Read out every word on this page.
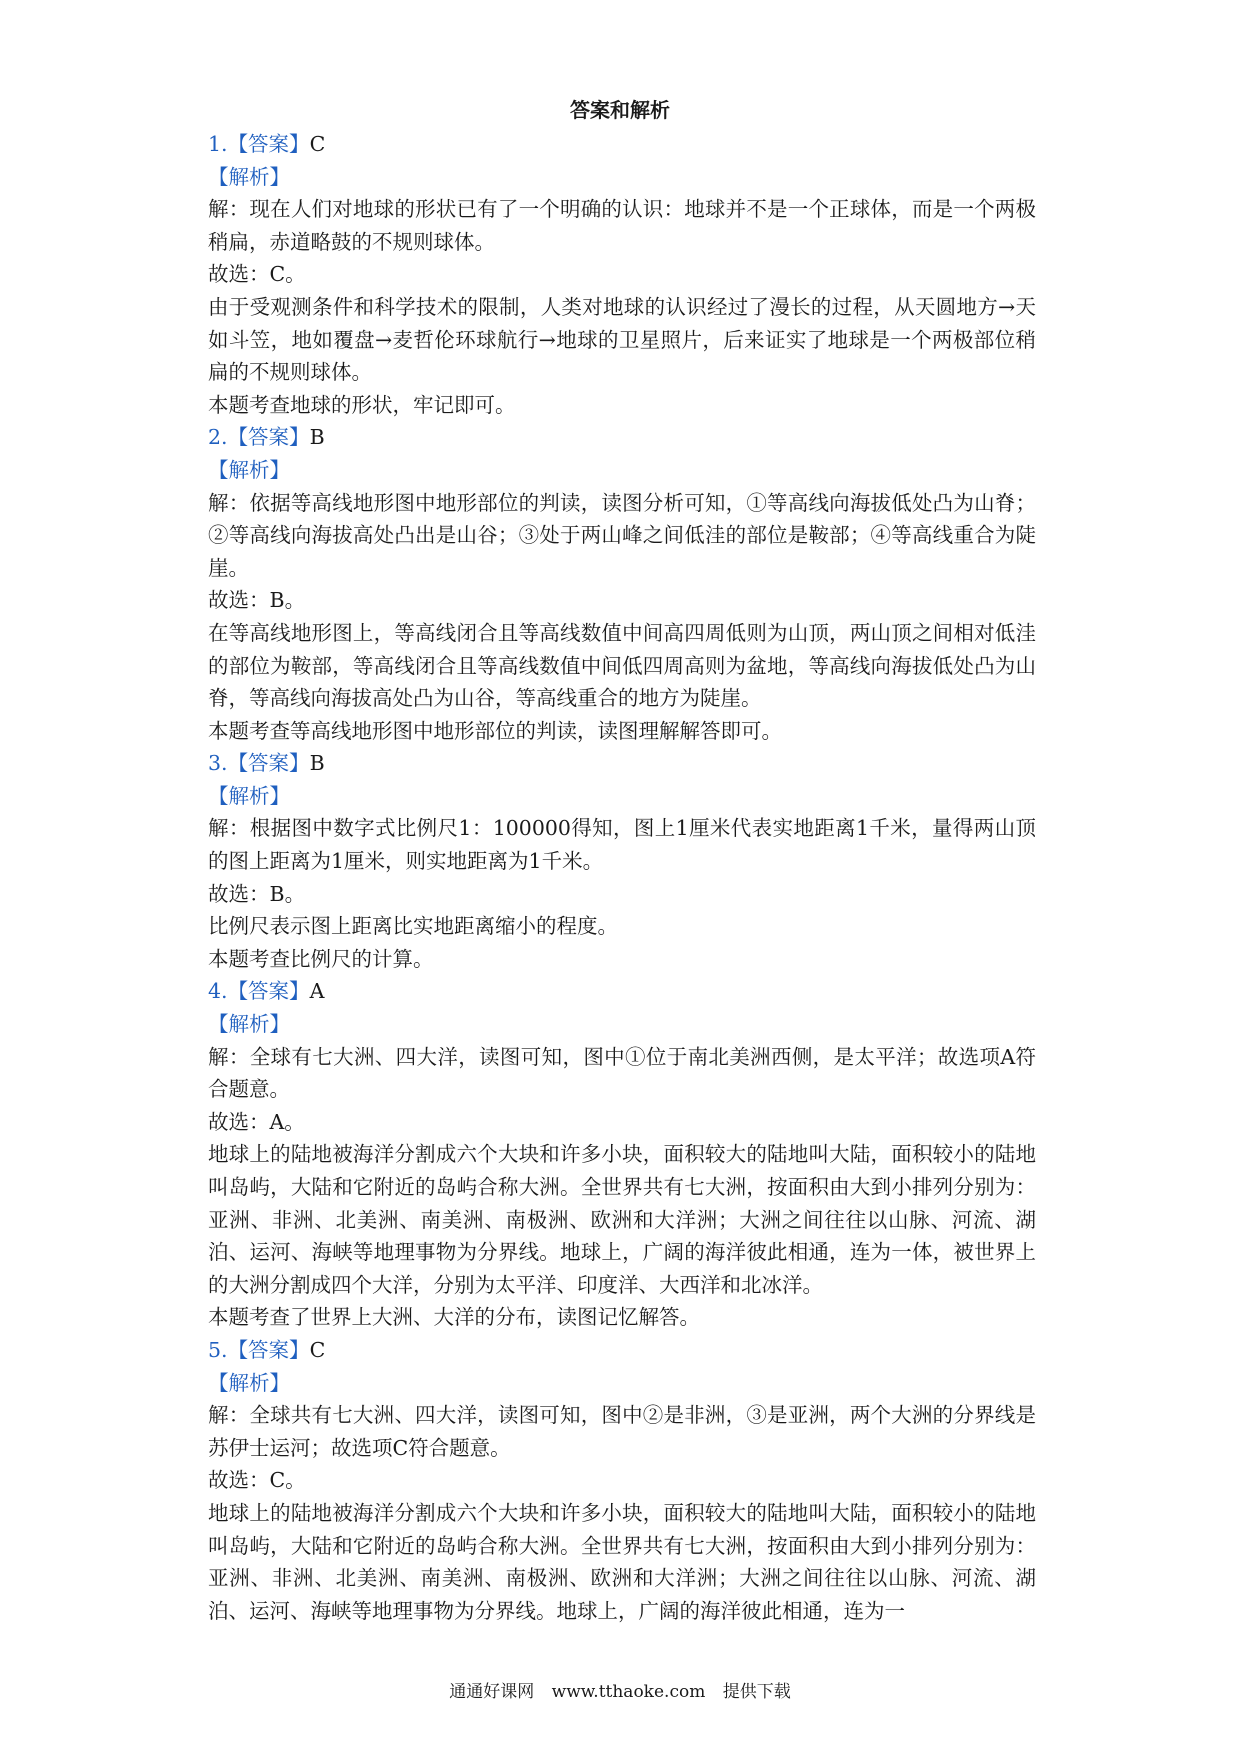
答案和解析
1.【答案】C
【解析】
解：现在人们对地球的形状已有了一个明确的认识：地球并不是一个正球体，而是一个两极稍扁，赤道略鼓的不规则球体。
故选：C。
由于受观测条件和科学技术的限制，人类对地球的认识经过了漫长的过程，从天圆地方→天如斗笠，地如覆盘→麦哲伦环球航行→地球的卫星照片，后来证实了地球是一个两极部位稍扁的不规则球体。
本题考查地球的形状，牢记即可。
2.【答案】B
【解析】
解：依据等高线地形图中地形部位的判读，读图分析可知，①等高线向海拔低处凸为山脊；②等高线向海拔高处凸出是山谷；③处于两山峰之间低洼的部位是鞍部；④等高线重合为陡崖。
故选：B。
在等高线地形图上，等高线闭合且等高线数值中间高四周低则为山顶，两山顶之间相对低洼的部位为鞍部，等高线闭合且等高线数值中间低四周高则为盆地，等高线向海拔低处凸为山脊，等高线向海拔高处凸为山谷，等高线重合的地方为陡崖。
本题考查等高线地形图中地形部位的判读，读图理解解答即可。
3.【答案】B
【解析】
解：根据图中数字式比例尺1：100000得知，图上1厘米代表实地距离1千米，量得两山顶的图上距离为1厘米，则实地距离为1千米。
故选：B。
比例尺表示图上距离比实地距离缩小的程度。
本题考查比例尺的计算。
4.【答案】A
【解析】
解：全球有七大洲、四大洋，读图可知，图中①位于南北美洲西侧，是太平洋；故选项A符合题意。
故选：A。
地球上的陆地被海洋分割成六个大块和许多小块，面积较大的陆地叫大陆，面积较小的陆地叫岛屿，大陆和它附近的岛屿合称大洲。全世界共有七大洲，按面积由大到小排列分别为：亚洲、非洲、北美洲、南美洲、南极洲、欧洲和大洋洲；大洲之间往往以山脉、河流、湖泊、运河、海峡等地理事物为分界线。地球上，广阔的海洋彼此相通，连为一体，被世界上的大洲分割成四个大洋，分别为太平洋、印度洋、大西洋和北冰洋。
本题考查了世界上大洲、大洋的分布，读图记忆解答。
5.【答案】C
【解析】
解：全球共有七大洲、四大洋，读图可知，图中②是非洲，③是亚洲，两个大洲的分界线是苏伊士运河；故选项C符合题意。
故选：C。
地球上的陆地被海洋分割成六个大块和许多小块，面积较大的陆地叫大陆，面积较小的陆地叫岛屿，大陆和它附近的岛屿合称大洲。全世界共有七大洲，按面积由大到小排列分别为：亚洲、非洲、北美洲、南美洲、南极洲、欧洲和大洋洲；大洲之间往往以山脉、河流、湖泊、运河、海峡等地理事物为分界线。地球上，广阔的海洋彼此相通，连为一
通通好课网 www.tthaoke.com 提供下载
